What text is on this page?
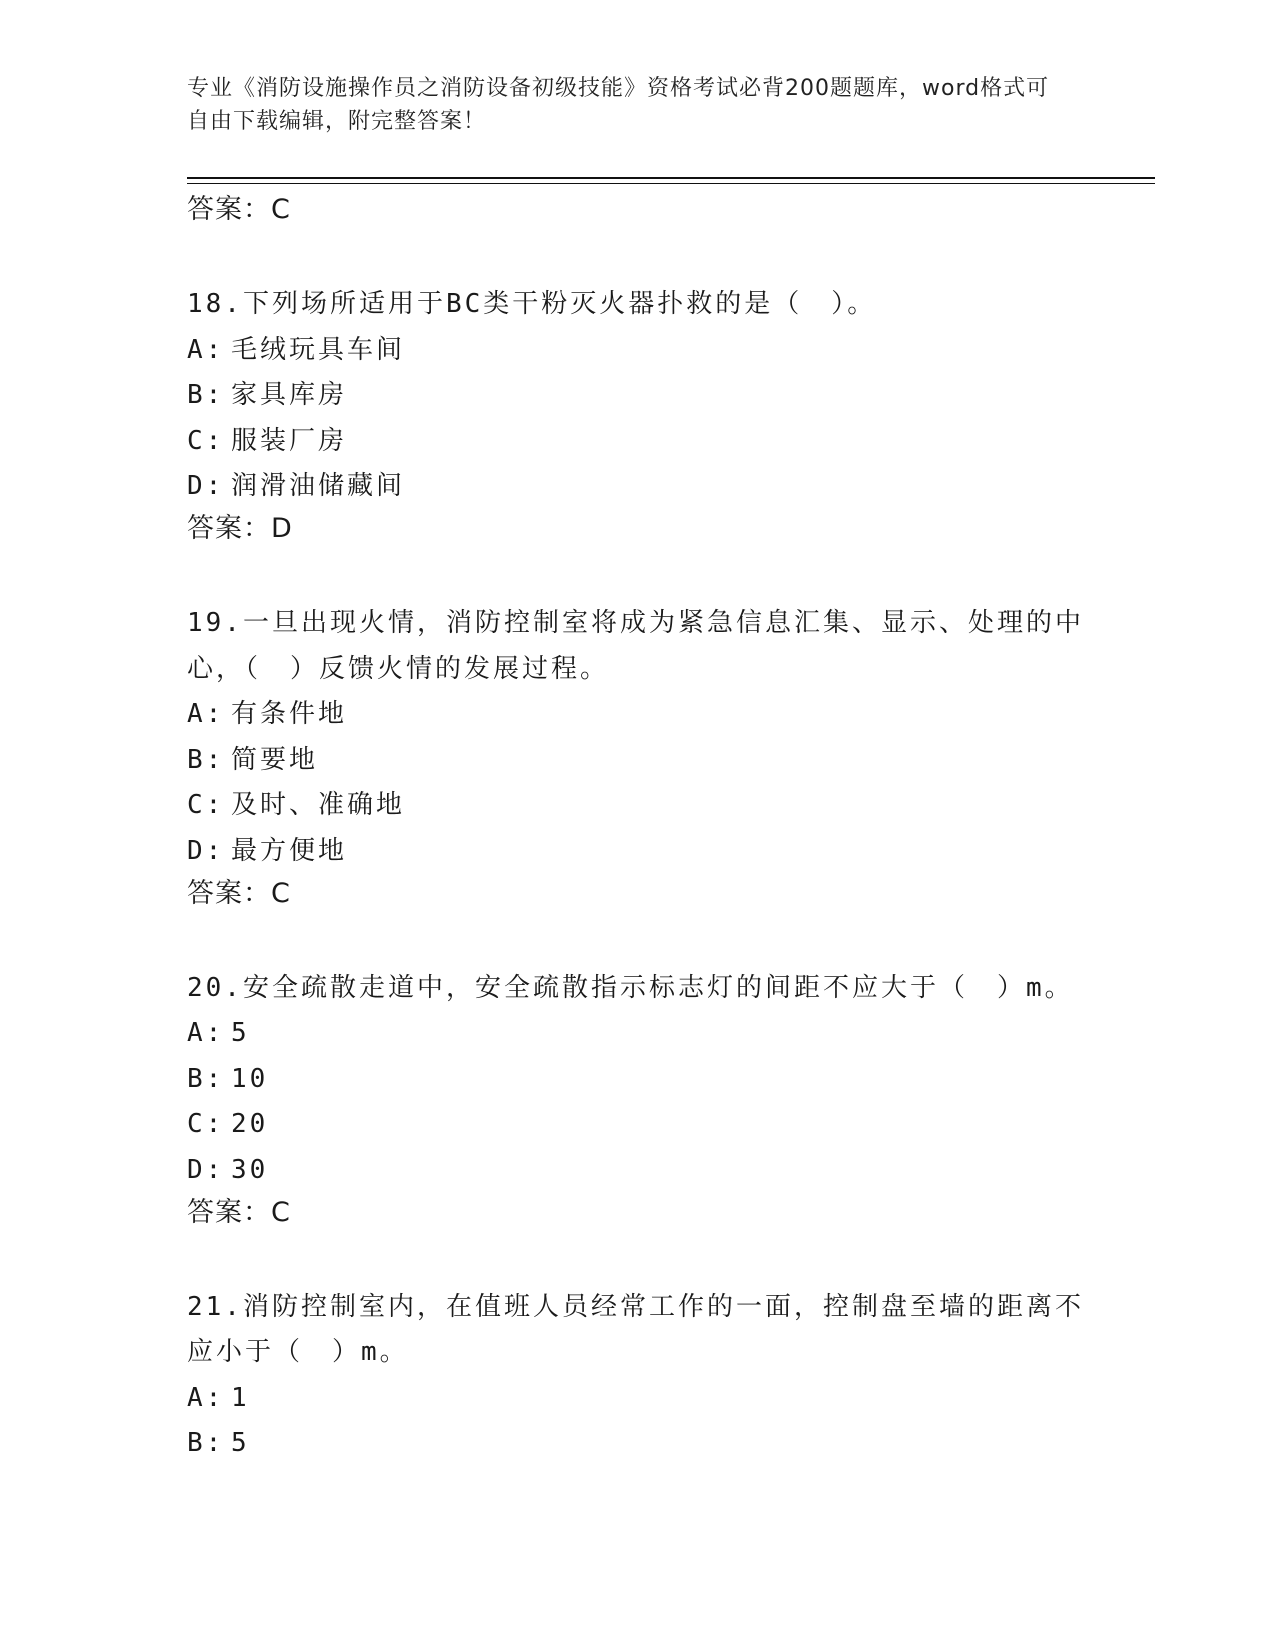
专业《消防设施操作员之消防设备初级技能》资格考试必背200题题库，word格式可自由下载编辑，附完整答案！
答案：C
18.下列场所适用于BC类干粉灭火器扑救的是（　）。
A: 毛绒玩具车间
B: 家具库房
C: 服装厂房
D: 润滑油储藏间
答案：D
19.一旦出现火情，消防控制室将成为紧急信息汇集、显示、处理的中心，（　）反馈火情的发展过程。
A: 有条件地
B: 简要地
C: 及时、准确地
D: 最方便地
答案：C
20.安全疏散走道中，安全疏散指示标志灯的间距不应大于（　）m。
A: 5
B: 10
C: 20
D: 30
答案：C
21.消防控制室内，在值班人员经常工作的一面，控制盘至墙的距离不应小于（　）m。
A: 1
B: 5
